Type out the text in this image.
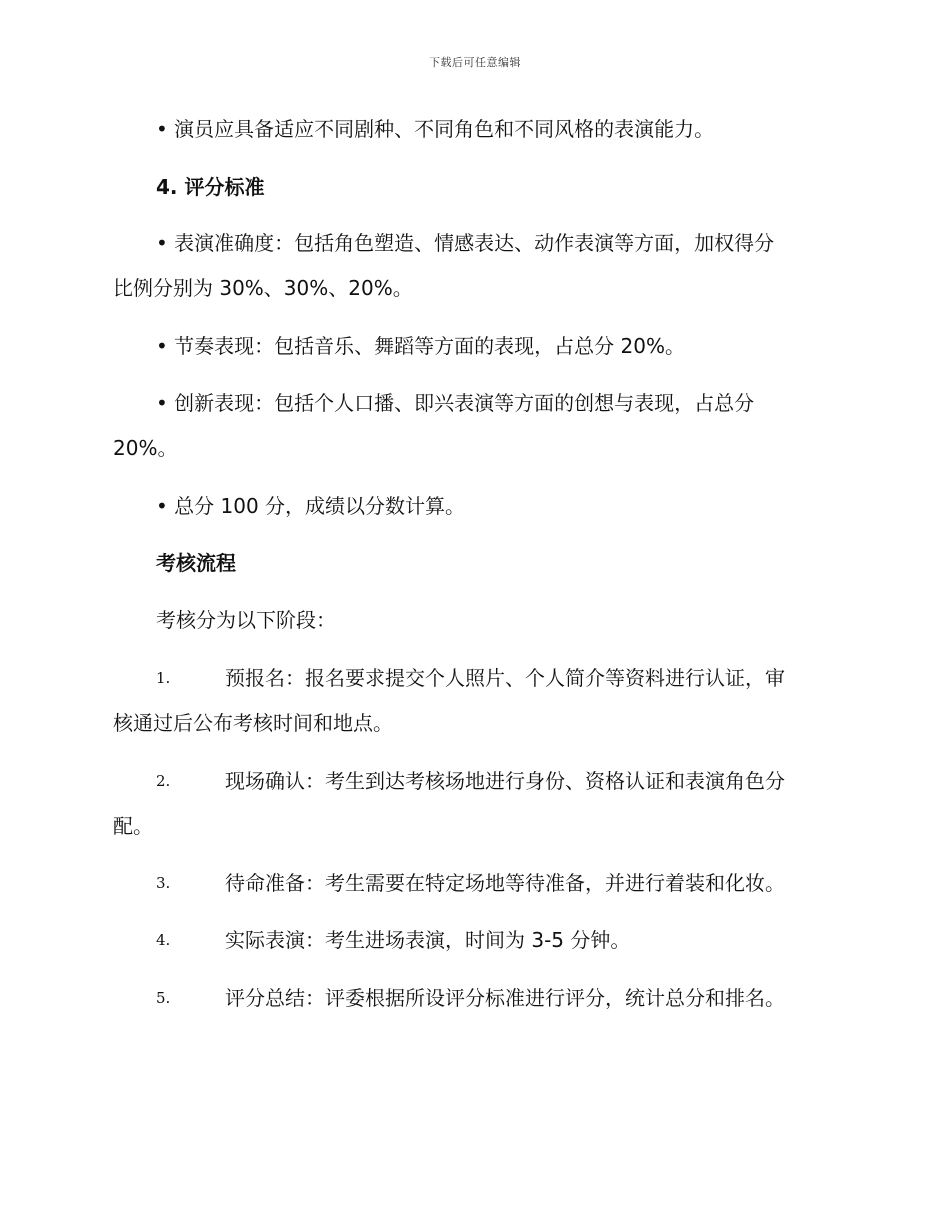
下载后可任意编辑
• 演员应具备适应不同剧种、不同角色和不同风格的表演能力。
4. 评分标准
• 表演准确度：包括角色塑造、情感表达、动作表演等方面，加权得分
比例分别为 30%、30%、20%。
• 节奏表现：包括音乐、舞蹈等方面的表现，占总分 20%。
• 创新表现：包括个人口播、即兴表演等方面的创想与表现，占总分
20%。
• 总分 100 分，成绩以分数计算。
考核流程
考核分为以下阶段：
1.	预报名：报名要求提交个人照片、个人简介等资料进行认证，审
核通过后公布考核时间和地点。
2.	现场确认：考生到达考核场地进行身份、资格认证和表演角色分
配。
3.	待命准备：考生需要在特定场地等待准备，并进行着装和化妆。
4.	实际表演：考生进场表演，时间为 3-5 分钟。
5.	评分总结：评委根据所设评分标准进行评分，统计总分和排名。
